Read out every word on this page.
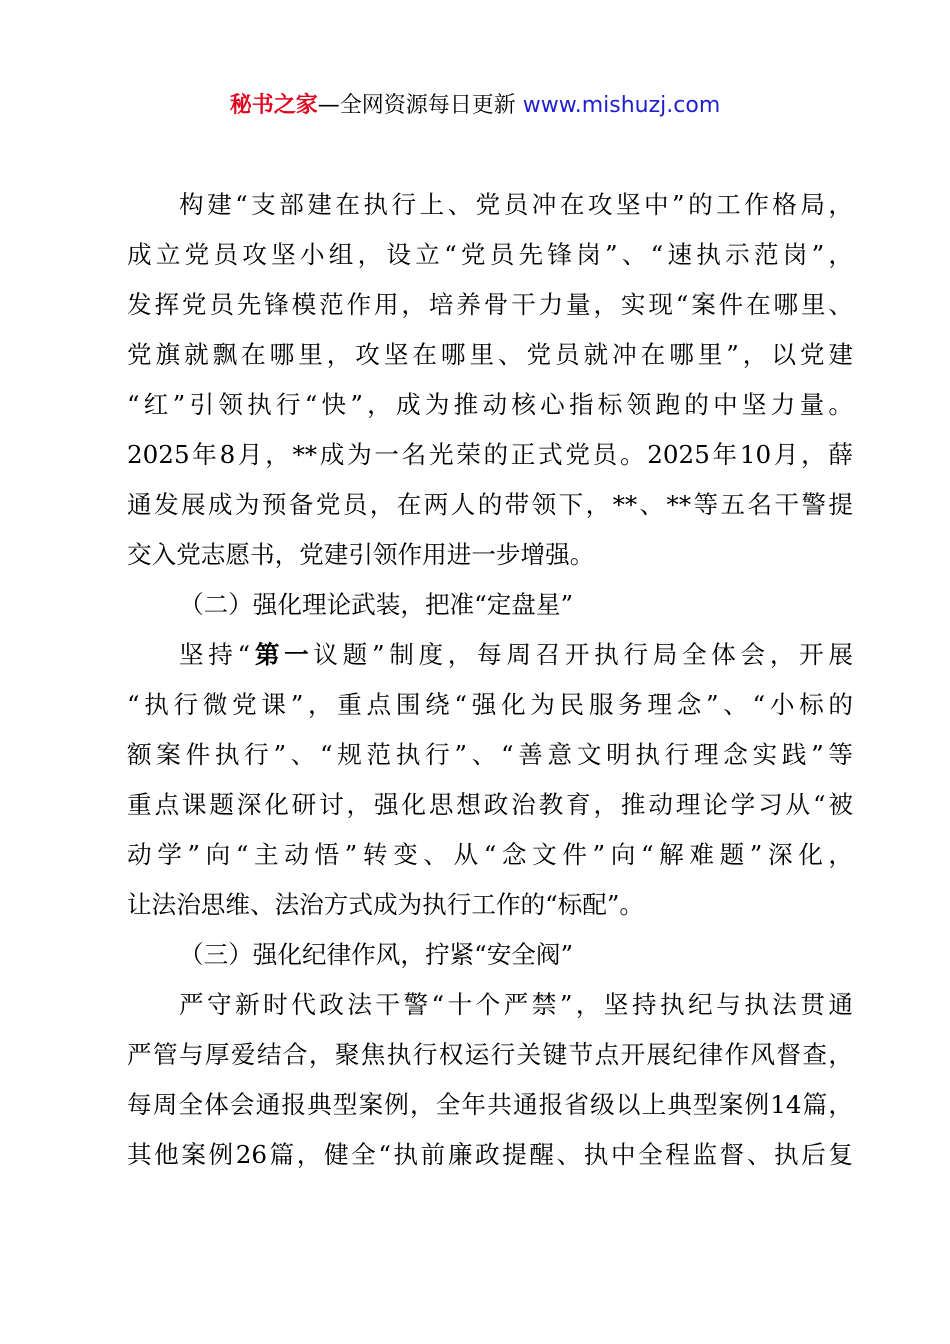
秘书之家—全网资源每日更新 www.mishuzj.com
构建“支部建在执行上、党员冲在攻坚中”的工作格局，
成立党员攻坚小组，设立“党员先锋岗”、“速执示范岗”，
发挥党员先锋模范作用，培养骨干力量，实现“案件在哪里、
党旗就飘在哪里，攻坚在哪里、党员就冲在哪里”，以党建
“红”引领执行“快”，成为推动核心指标领跑的中坚力量。
2025年8月，**成为一名光荣的正式党员。2025年10月，薛
通发展成为预备党员，在两人的带领下，**、**等五名干警提
交入党志愿书，党建引领作用进一步增强。
（二）强化理论武装，把准“定盘星”
坚持“第一议题”制度，每周召开执行局全体会，开展
“执行微党课”，重点围绕“强化为民服务理念”、“小标的
额案件执行”、“规范执行”、“善意文明执行理念实践”等
重点课题深化研讨，强化思想政治教育，推动理论学习从“被
动学”向“主动悟”转变、从“念文件”向“解难题”深化，
让法治思维、法治方式成为执行工作的“标配”。
（三）强化纪律作风，拧紧“安全阀”
严守新时代政法干警“十个严禁”，坚持执纪与执法贯通
严管与厚爱结合，聚焦执行权运行关键节点开展纪律作风督查，
每周全体会通报典型案例，全年共通报省级以上典型案例14篇，
其他案例26篇，健全“执前廉政提醒、执中全程监督、执后复
